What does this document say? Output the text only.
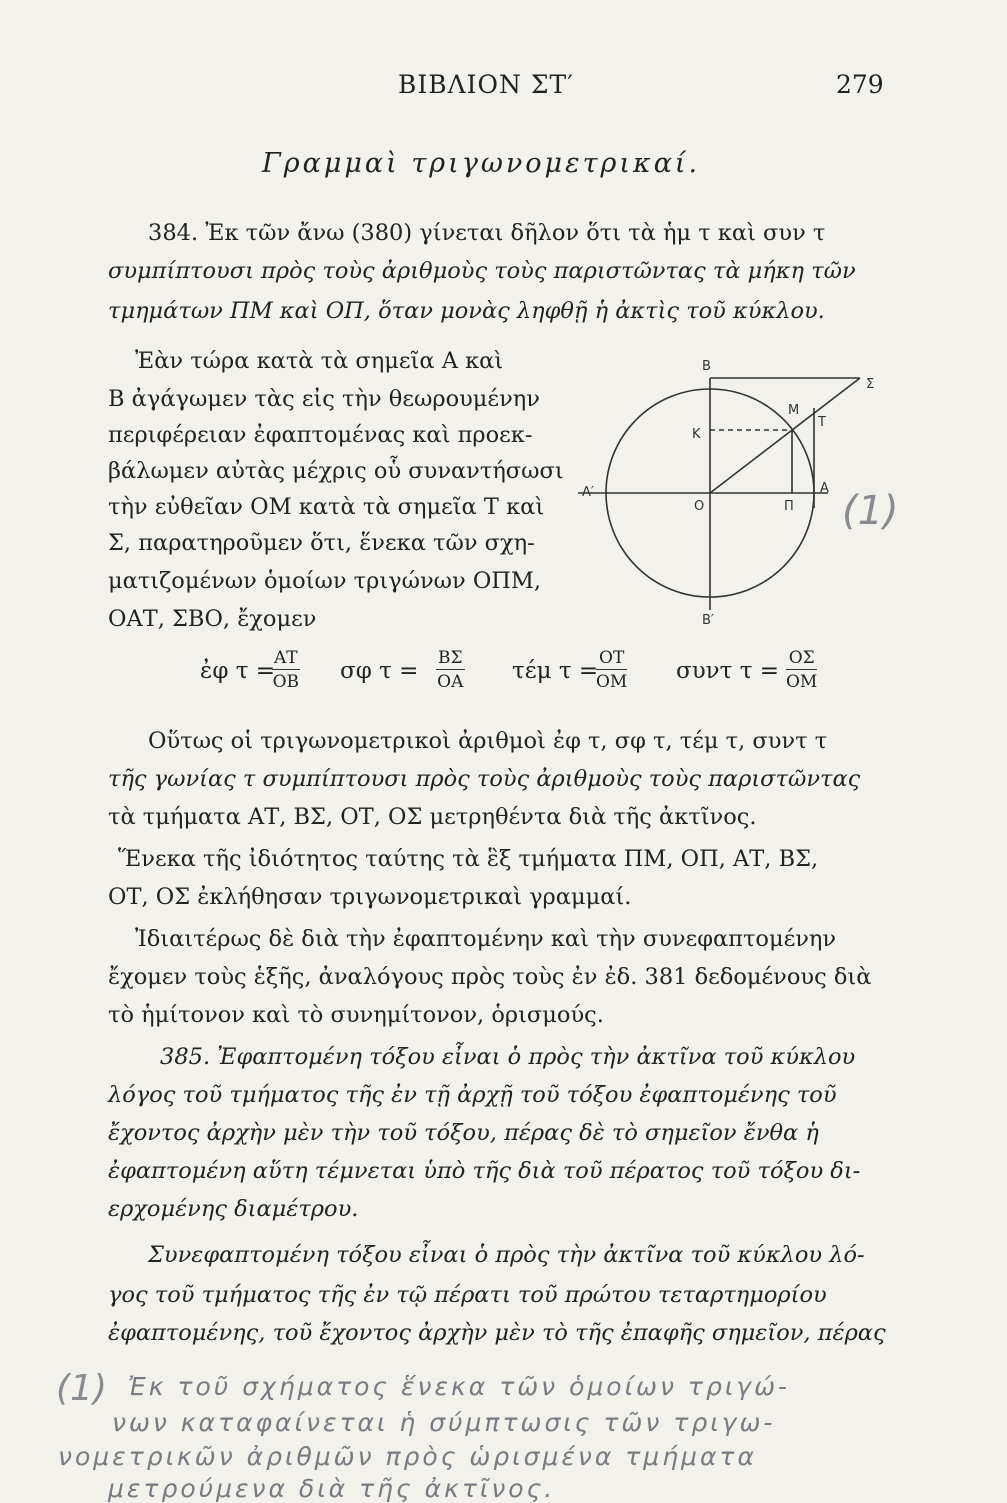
ΒΙΒΛΙΟΝ ΣΤ′	279
Γραμμαὶ τριγωνομετρικαί.
384. Ἐκ τῶν ἄνω (380) γίνεται δῆλον ὅτι τὰ ἡμ τ καὶ συν τ
συμπίπτουσι πρὸς τοὺς ἀριθμοὺς τοὺς παριστῶντας τὰ μήκη τῶν
τμημάτων ΠΜ καὶ ΟΠ, ὅταν μονὰς ληφθῇ ἡ ἀκτὶς τοῦ κύκλου.
Ἐὰν τώρα κατὰ τὰ σημεῖα Α καὶ
Β ἀγάγωμεν τὰς εἰς τὴν θεωρουμένην
περιφέρειαν ἐφαπτομένας καὶ προεκ-
βάλωμεν αὐτὰς μέχρις οὗ συναντήσωσι
τὴν εὐθεῖαν ΟΜ κατὰ τὰ σημεῖα Τ καὶ
Σ, παρατηροῦμεν ὅτι, ἕνεκα τῶν σχη-
ματιζομένων ὁμοίων τριγώνων ΟΠΜ,
ΟΑΤ, ΣΒΟ, ἔχομεν
Β
Σ
Μ
Τ
Κ
Α′
Ο	Π
Α
Β′
(1)
ἐφ τ =
$\frac{AT}{OB}$ σφ $\tau = \frac{B\Sigma}{OA}$ τέμ τ =
$\frac{OT}{OM}$ συντ $\tau = \frac{O\Sigma}{OM}$
Οὕτως οἱ τριγωνομετρικοὶ ἀριθμοὶ ἐφ τ, σφ τ, τέμ τ, συντ τ
τῆς γωνίας τ συμπίπτουσι πρὸς τοὺς ἀριθμοὺς τοὺς παριστῶντας
τὰ τμήματα ΑΤ, ΒΣ, ΟΤ, ΟΣ μετρηθέντα διὰ τῆς ἀκτῖνος.
Ἕνεκα τῆς ἰδιότητος ταύτης τὰ ἓξ τμήματα ΠΜ, ΟΠ, ΑΤ, ΒΣ,
ΟΤ, ΟΣ ἐκλήθησαν τριγωνομετρικαὶ γραμμαί.
Ἰδιαιτέρως δὲ διὰ τὴν ἐφαπτομένην καὶ τὴν συνεφαπτομένην
ἔχομεν τοὺς ἑξῆς, ἀναλόγους πρὸς τοὺς ἐν ἐδ. 381 δεδομένους διὰ
τὸ ἡμίτονον καὶ τὸ συνημίτονον, ὁρισμούς.
385. Ἐφαπτομένη τόξου εἶναι ὁ πρὸς τὴν ἀκτῖνα τοῦ κύκλου
λόγος τοῦ τμήματος τῆς ἐν τῇ ἀρχῇ τοῦ τόξου ἐφαπτομένης τοῦ
ἔχοντος ἀρχὴν μὲν τὴν τοῦ τόξου, πέρας δὲ τὸ σημεῖον ἔνθα ἡ
ἐφαπτομένη αὕτη τέμνεται ὑπὸ τῆς διὰ τοῦ πέρατος τοῦ τόξου δι-
ερχομένης διαμέτρου.
Συνεφαπτομένη τόξου εἶναι ὁ πρὸς τὴν ἀκτῖνα τοῦ κύκλου λό-
γος τοῦ τμήματος τῆς ἐν τῷ πέρατι τοῦ πρώτου τεταρτημορίου
ἐφαπτομένης, τοῦ ἔχοντος ἀρχὴν μὲν τὸ τῆς ἐπαφῆς σημεῖον, πέρας
(1) Ἐκ τοῦ σχήματος ἕνεκα τῶν ὁμοίων τριγώ-
νων καταφαίνεται ἡ σύμπτωσις τῶν τριγω-
νομετρικῶν ἀριθμῶν πρὸς ὡρισμένα τμήματα
μετρούμενα διὰ τῆς ἀκτῖνος.
